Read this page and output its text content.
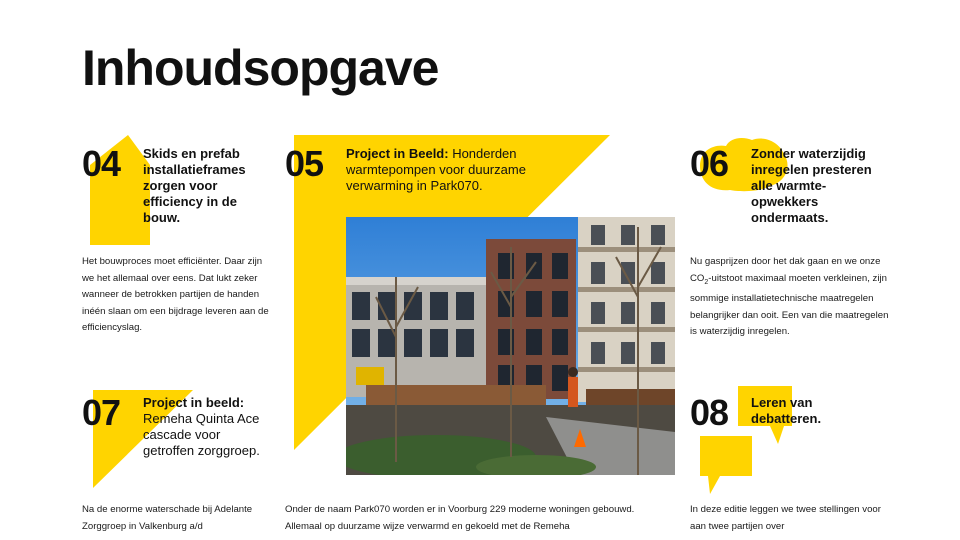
Inhoudsopgave
04 Skids en prefab installatieframes zorgen voor efficiency in de bouw.

Het bouwproces moet efficiënter. Daar zijn we het allemaal over eens. Dat lukt zeker wanneer de betrokken partijen de handen inéén slaan om een bijdrage leveren aan de efficiencyslag.

05 Project in Beeld: Honderden warmtepompen voor duurzame verwarming in Park070.

Onder de naam Park070 worden er in Voorburg 229 moderne woningen gebouwd. Allemaal op duurzame wijze verwarmd en gekoeld met de Remeha

06 Zonder waterzijdig inregelen presteren alle warmte-opwekkers ondermaats.

Nu gasprijzen door het dak gaan en we onze $CO_2$-uitstoot maximaal moeten verkleinen, zijn sommige installatietechnische maatregelen belangrijker dan ooit. Een van die maatregelen is waterzijdig inregelen.

07 Project in beeld: Remeha Quinta Ace cascade voor getroffen zorggroep.

Na de enorme waterschade bij Adelante Zorggroep in Valkenburg a/d

08 Leren van debatteren.

In deze editie leggen we twee stellingen voor aan twee partijen over
